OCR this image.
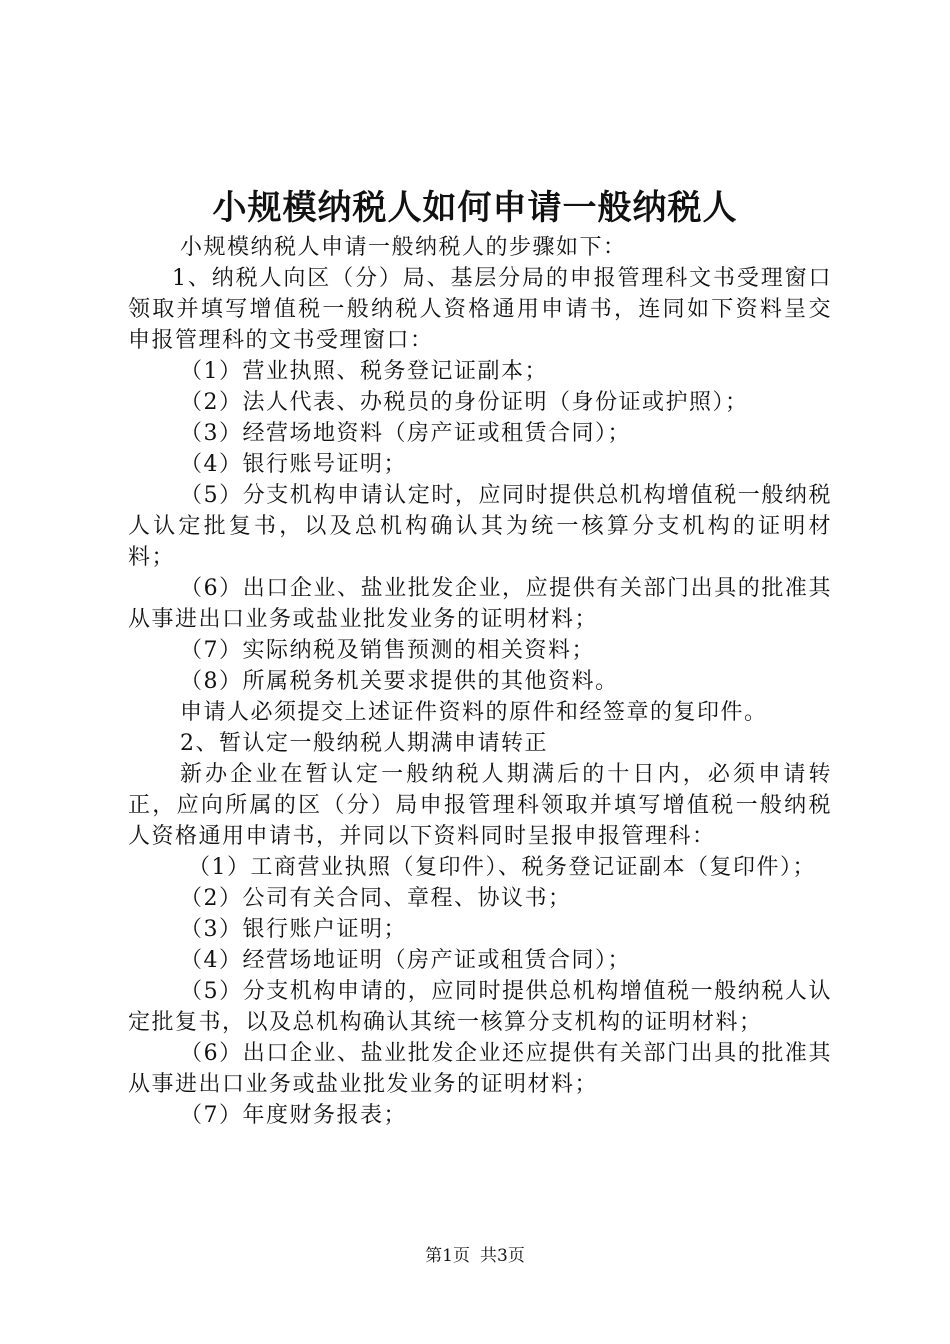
小规模纳税人如何申请一般纳税人

小规模纳税人申请一般纳税人的步骤如下：

1、纳税人向区（分）局、基层分局的申报管理科文书受理窗口领取并填写增值税一般纳税人资格通用申请书，连同如下资料呈交申报管理科的文书受理窗口：

（1）营业执照、税务登记证副本；

（2）法人代表、办税员的身份证明（身份证或护照）；

（3）经营场地资料（房产证或租赁合同）；

（4）银行账号证明；

（5）分支机构申请认定时，应同时提供总机构增值税一般纳税人认定批复书，以及总机构确认其为统一核算分支机构的证明材料；

（6）出口企业、盐业批发企业，应提供有关部门出具的批准其从事进出口业务或盐业批发业务的证明材料；

（7）实际纳税及销售预测的相关资料；

（8）所属税务机关要求提供的其他资料。

申请人必须提交上述证件资料的原件和经签章的复印件。

2、暂认定一般纳税人期满申请转正

新办企业在暂认定一般纳税人期满后的十日内，必须申请转正，应向所属的区（分）局申报管理科领取并填写增值税一般纳税人资格通用申请书，并同以下资料同时呈报申报管理科：

（1）工商营业执照（复印件）、税务登记证副本（复印件）；

（2）公司有关合同、章程、协议书；

（3）银行账户证明；

（4）经营场地证明（房产证或租赁合同）；

（5）分支机构申请的，应同时提供总机构增值税一般纳税人认定批复书，以及总机构确认其统一核算分支机构的证明材料；

（6）出口企业、盐业批发企业还应提供有关部门出具的批准其从事进出口业务或盐业批发业务的证明材料；

（7）年度财务报表；

第1页 共3页
